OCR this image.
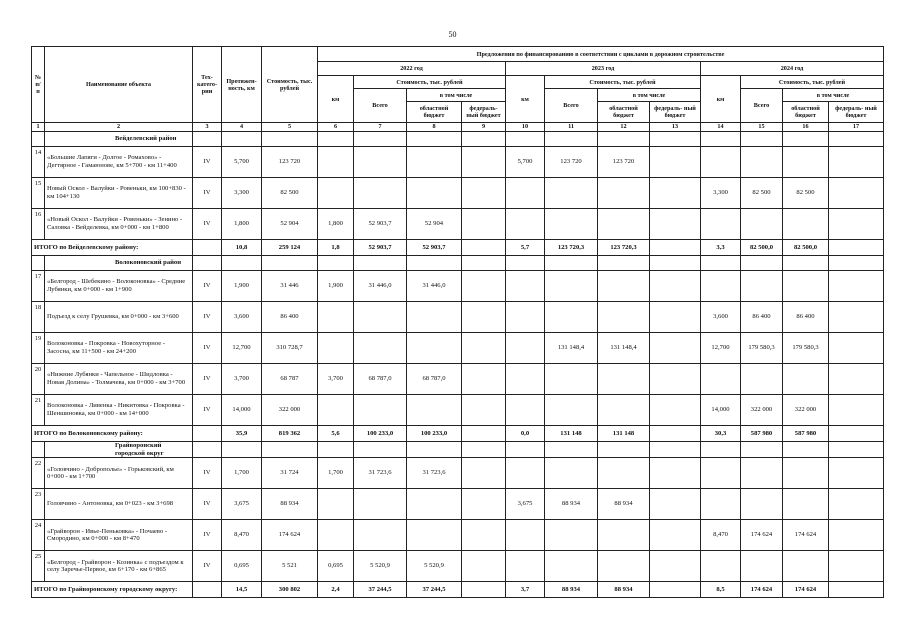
50
№ п/п	Наименование объекта	Тех- катего- рии	Протяжен- ность, км	Стоимость, тыс. рублей	Предложения по финансированию в соответствии с циклами в дорожном строительстве											
					2022 год				2023 год				2024 год			
					км	Стоимость, тыс. рублей			км	Стоимость, тыс. рублей			км	Стоимость, тыс. рублей		
						Всего	в том числе			Всего	в том числе			Всего	в том числе	
							областной бюджет	федераль- ный бюджет			областной бюджет	федераль- ный бюджет			областной бюджет	федераль- ный бюджет
1	2	3	4	5	6	7	8	9	10	11	12	13	14	15	16	17
	Вейделевский район															
14	«Большие Лапяги - Долгое - Ромахово» - Дегтярное - Гамаюнове, км 5+700 - км 11+400	IV	5,700	123 720					5,700	123 720	123 720					
15	Новый Оскол - Валуйки - Ровеньки, км 100+830 - км 104+130	IV	3,300	82 500									3,300	82 500	82 500	
16	«Новый Оскол - Валуйки - Ровеньки» - Зенино - Саловка - Вейделевка, км 0+000 - км 1+800	IV	1,800	52 904	1,800	52 903,7	52 904									
ИТОГО по Вейделевскому району:			10,8	259 124	1,8	52 903,7	52 903,7		5,7	123 720,3	123 720,3		3,3	82 500,0	82 500,0	
	Волоконовский район															
17	«Белгород - Шебекино - Волоконовка» - Средние Лубянки, км 0+000 - км 1+900	IV	1,900	31 446	1,900	31 446,0	31 446,0									
18	Подъезд к селу Грушевка, км 0+000 - км 3+600	IV	3,600	86 400									3,600	86 400	86 400	
19	Волоконовка - Покровка - Новохуторное - Засосна, км 11+500 - км 24+200	IV	12,700	310 728,7						131 148,4	131 148,4		12,700	179 580,3	179 580,3	
20	«Нижние Лубянки - Чапельное - Шидловка - Новая Долина» - Толмачева, км 0+000 - км 3+700	IV	3,700	68 787	3,700	68 787,0	68 787,0									
21	Волоконовка - Ливенка - Никитовка - Покровка - Шеншиновка, км 0+000 - км 14+000	IV	14,000	322 000									14,000	322 000	322 000	
ИТОГО по Волоконовскому району:			35,9	819 362	5,6	100 233,0	100 233,0		0,0	131 148	131 148		30,3	587 980	587 980	
	Грайворонский городской округ															
22	«Головчино - Доброполье» - Горьковский, км 0+000 - км 1+700	IV	1,700	31 724	1,700	31 723,6	31 723,6									
23	Головчино - Антоновка, км 0+023 - км 3+698	IV	3,675	88 934					3,675	88 934	88 934					
24	«Грайворон - Ивье-Пеньковка» - Почаево - Смородино, км 0+000 - км 8+470	IV	8,470	174 624									8,470	174 624	174 624	
25	«Белгород - Грайворон - Козинка» с подъездом к селу Заречье-Первое, км 6+170 - км 6+865	IV	0,695	5 521	0,695	5 520,9	5 520,9									
ИТОГО по Грайворонскому городскому округу:			14,5	300 802	2,4	37 244,5	37 244,5		3,7	88 934	88 934		8,5	174 624	174 624	
